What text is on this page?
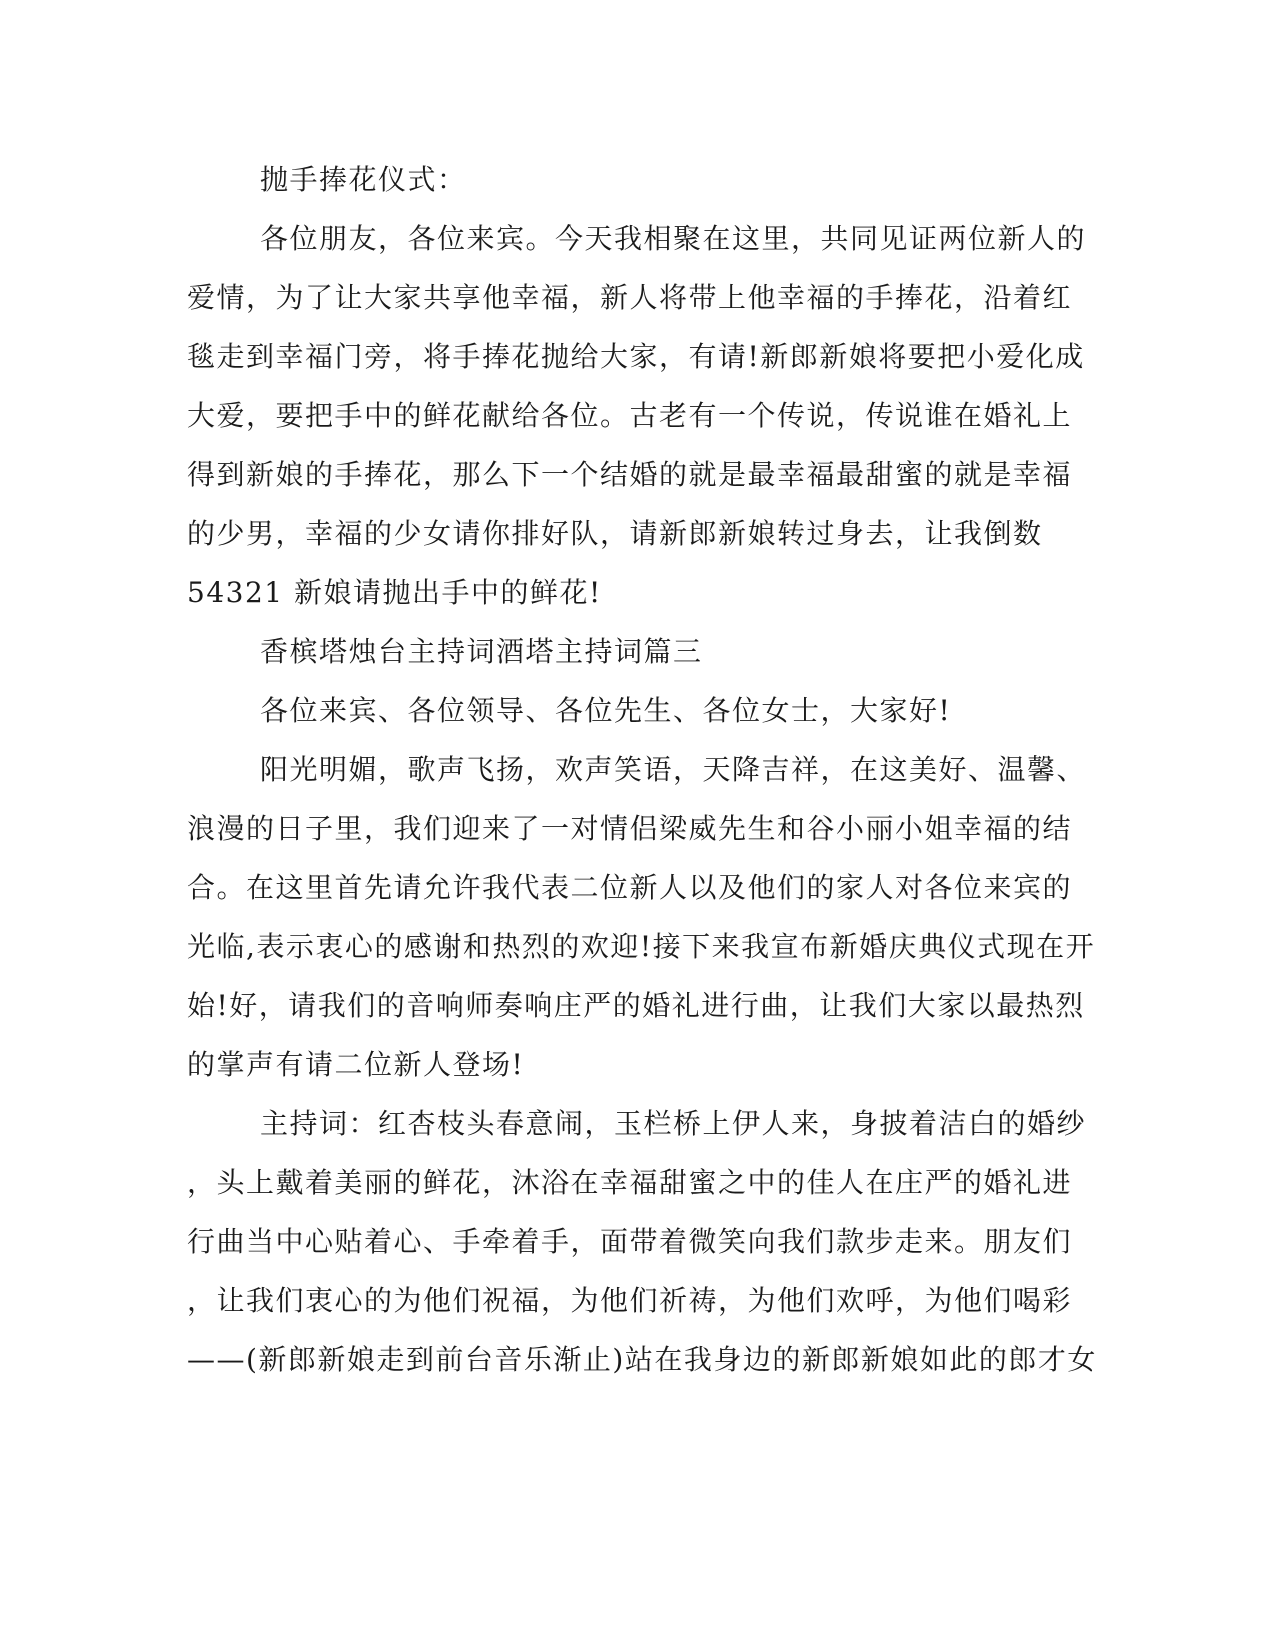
抛手捧花仪式：

各位朋友，各位来宾。今天我相聚在这里，共同见证两位新人的

爱情，为了让大家共享他幸福，新人将带上他幸福的手捧花，沿着红

毯走到幸福门旁，将手捧花抛给大家，有请!新郎新娘将要把小爱化成

大爱，要把手中的鲜花献给各位。古老有一个传说，传说谁在婚礼上

得到新娘的手捧花，那么下一个结婚的就是最幸福最甜蜜的就是幸福

的少男，幸福的少女请你排好队，请新郎新娘转过身去，让我倒数

54321 新娘请抛出手中的鲜花!

香槟塔烛台主持词酒塔主持词篇三

各位来宾、各位领导、各位先生、各位女士，大家好!

阳光明媚，歌声飞扬，欢声笑语，天降吉祥，在这美好、温馨、

浪漫的日子里，我们迎来了一对情侣梁威先生和谷小丽小姐幸福的结

合。在这里首先请允许我代表二位新人以及他们的家人对各位来宾的

光临,表示衷心的感谢和热烈的欢迎!接下来我宣布新婚庆典仪式现在开

始!好，请我们的音响师奏响庄严的婚礼进行曲，让我们大家以最热烈

的掌声有请二位新人登场!

主持词：红杏枝头春意闹，玉栏桥上伊人来，身披着洁白的婚纱

，头上戴着美丽的鲜花，沐浴在幸福甜蜜之中的佳人在庄严的婚礼进

行曲当中心贴着心、手牵着手，面带着微笑向我们款步走来。朋友们

，让我们衷心的为他们祝福，为他们祈祷，为他们欢呼，为他们喝彩

——(新郎新娘走到前台音乐渐止)站在我身边的新郎新娘如此的郎才女
